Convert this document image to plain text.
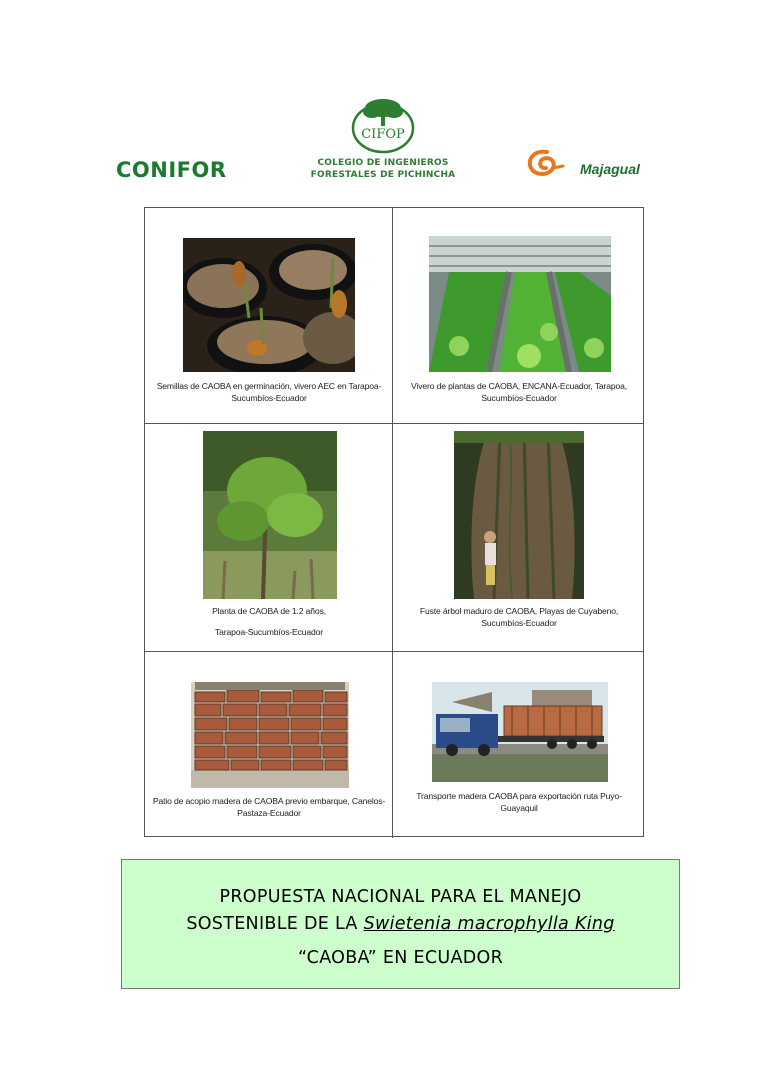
CONIFOR
CIFOP
COLEGIO DE INGENIEROS
FORESTALES DE PICHINCHA	Majagual
Semillas de CAOBA en germinación, vivero AEC en Tarapoa-Sucumbíos-Ecuador
Vivero de plantas de CAOBA, ENCANA-Ecuador, Tarapoa, Sucumbíos-Ecuador
Planta de CAOBA de 1.2 años,
Tarapoa-Sucumbíos-Ecuador
Fuste árbol maduro de CAOBA, Playas de Cuyabeno, Sucumbíos-Ecuador
Patio de acopio madera de CAOBA previo embarque, Canelos-Pastaza-Ecuador
Transporte madera CAOBA para exportación ruta Puyo-Guayaquil
PROPUESTA NACIONAL PARA EL MANEJO
SOSTENIBLE DE LA Swietenia macrophylla King
“CAOBA” EN ECUADOR
